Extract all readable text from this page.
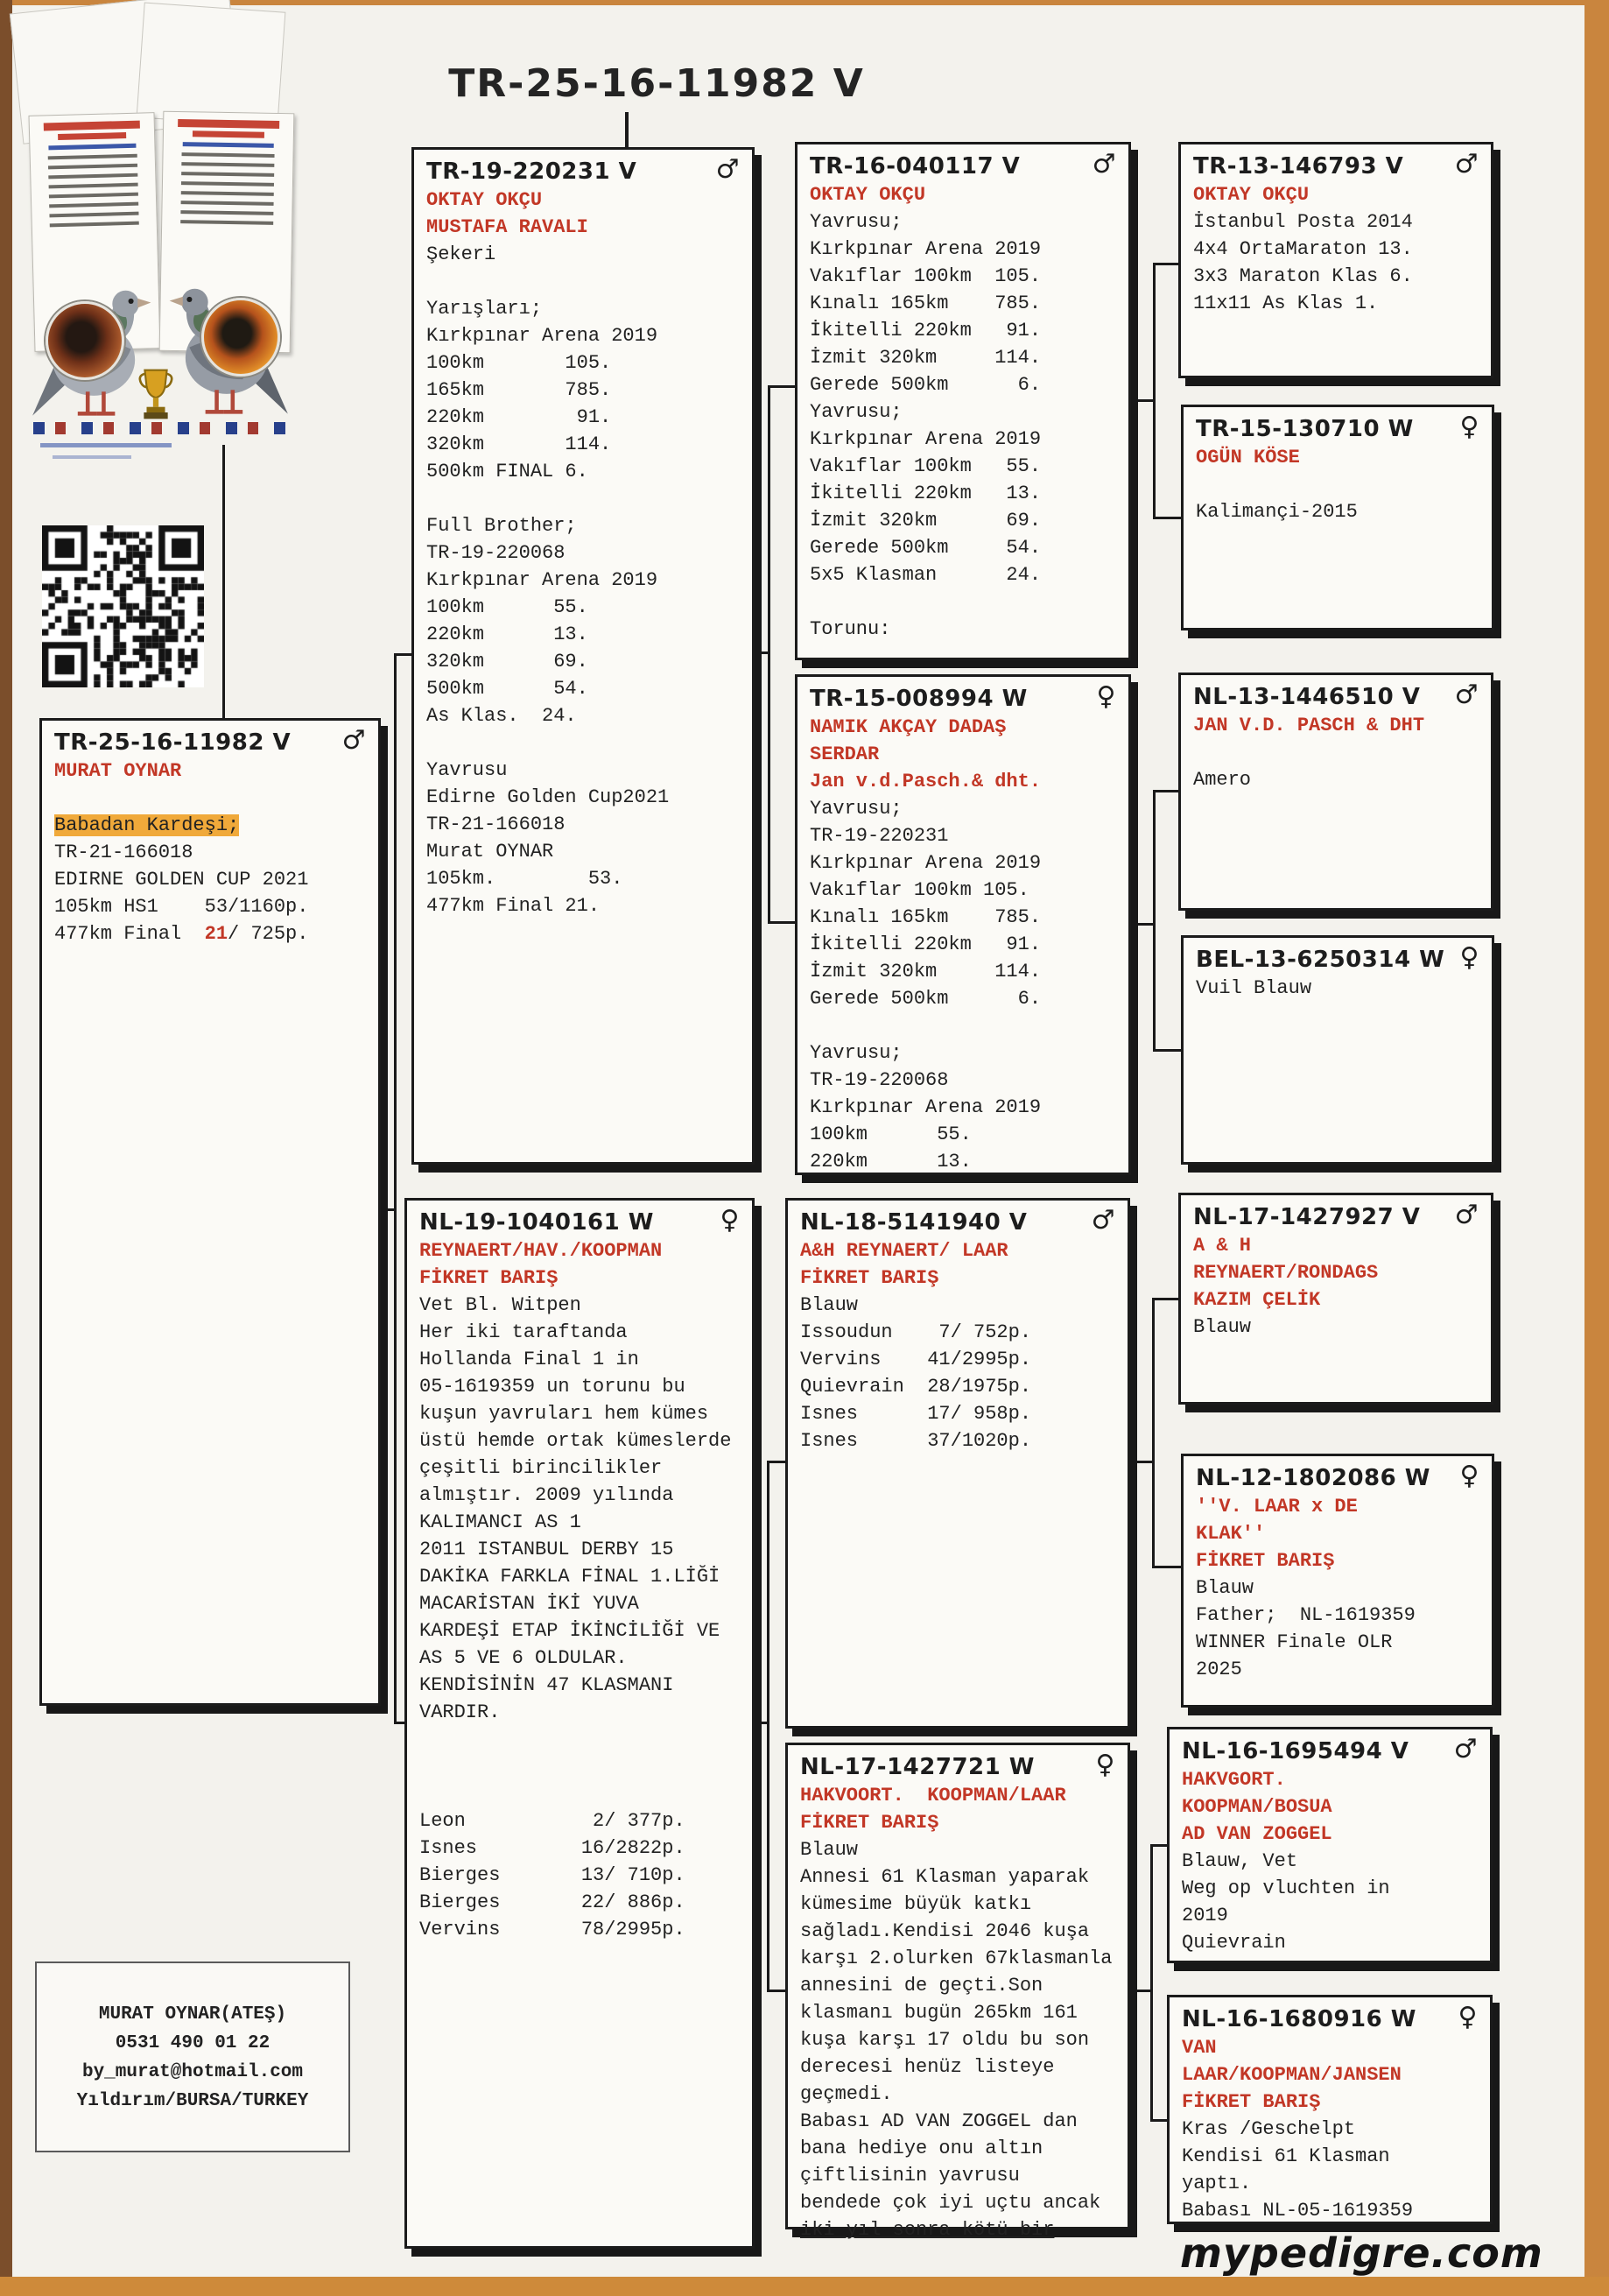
TR-25-16-11982 V
TR-25-16-11982 V ♂
MURAT OYNAR

Babadan Kardeşi;
TR-21-166018
EDIRNE GOLDEN CUP 2021
105km HS1    53/1160p.
477km Final  21/ 725p.
TR-19-220231 V	♂
OKTAY OKÇU
MUSTAFA RAVALI
Şekeri

Yarışları;
Kırkpınar Arena 2019
100km       105.
165km       785.
220km        91.
320km       114.
500km FINAL 6.

Full Brother;
TR-19-220068
Kırkpınar Arena 2019
100km      55.
220km      13.
320km      69.
500km      54.
As Klas.  24.

Yavrusu
Edirne Golden Cup2021
TR-21-166018
Murat OYNAR
105km.        53.
477km Final 21.
NL-19-1040161 W	♀
REYNAERT/HAV./KOOPMAN
FİKRET BARIŞ
Vet Bl. Witpen
Her iki taraftanda
Hollanda Final 1 in
05-1619359 un torunu bu
kuşun yavruları hem kümes
üstü hemde ortak kümeslerde
çeşitli birincilikler
almıştır. 2009 yılında
KALIMANCI AS 1
2011 ISTANBUL DERBY 15
DAKİKA FARKLA FİNAL 1.LİĞİ
MACARİSTAN İKİ YUVA
KARDEŞİ ETAP İKİNCİLİĞİ VE
AS 5 VE 6 OLDULAR.
KENDİSİNİN 47 KLASMANI
VARDIR.

Leon           2/ 377p.
Isnes         16/2822p.
Bierges       13/ 710p.
Bierges       22/ 886p.
Vervins       78/2995p.
TR-16-040117 V	♂
OKTAY OKÇU
Yavrusu;
Kırkpınar Arena 2019
Vakıflar 100km  105.
Kınalı 165km    785.
İkitelli 220km   91.
İzmit 320km     114.
Gerede 500km      6.
Yavrusu;
Kırkpınar Arena 2019
Vakıflar 100km   55.
İkitelli 220km   13.
İzmit 320km      69.
Gerede 500km     54.
5x5 Klasman      24.

Torunu:
TR-15-008994 W	♀
NAMIK AKÇAY DADAŞ
SERDAR
Jan v.d.Pasch.& dht.
Yavrusu;
TR-19-220231
Kırkpınar Arena 2019
Vakıflar 100km 105.
Kınalı 165km    785.
İkitelli 220km   91.
İzmit 320km     114.
Gerede 500km      6.

Yavrusu;
TR-19-220068
Kırkpınar Arena 2019
100km      55.
220km      13.
NL-18-5141940 V ♂
A&H REYNAERT/ LAAR
FİKRET BARIŞ
Blauw
Issoudun    7/ 752p.
Vervins    41/2995p.
Quievrain  28/1975p.
Isnes      17/ 958p.
Isnes      37/1020p.
NL-17-1427721 W ♀
HAKVOORT.  KOOPMAN/LAAR
FİKRET BARIŞ
Blauw
Annesi 61 Klasman yaparak
kümesime büyük katkı
sağladı.Kendisi 2046 kuşa
karşı 2.olurken 67klasmanla
annesini de geçti.Son
klasmanı bugün 265km 161
kuşa karşı 17 oldu bu son
derecesi henüz listeye
geçmedi.
Babası AD VAN ZOGGEL dan
bana hediye onu altın
çiftlisinin yavrusu
bendede çok iyi uçtu ancak
iki yıl sonra kötü bir
TR-13-146793 V ♂
OKTAY OKÇU
İstanbul Posta 2014
4x4 OrtaMaraton 13.
3x3 Maraton Klas 6.
11x11 As Klas 1.
TR-15-130710 W ♀
OGÜN KÖSE

Kalimançi-2015
NL-13-1446510 V ♂
JAN V.D. PASCH & DHT

Amero
BEL-13-6250314 W ♀
Vuil Blauw
NL-17-1427927 V ♂
A & H
REYNAERT/RONDAGS
KAZIM ÇELİK
Blauw
NL-12-1802086 W ♀
''V. LAAR x DE
KLAK''
FİKRET BARIŞ
Blauw
Father;  NL-1619359
WINNER Finale OLR
2025
NL-16-1695494 V ♂
HAKVGORT.
KOOPMAN/BOSUA
AD VAN ZOGGEL
Blauw, Vet
Weg op vluchten in
2019
Quievrain
NL-16-1680916 W ♀
VAN
LAAR/KOOPMAN/JANSEN
FİKRET BARIŞ
Kras /Geschelpt
Kendisi 61 Klasman
yaptı.
Babası NL-05-1619359
MURAT OYNAR(ATEŞ)
0531 490 01 22
by_murat@hotmail.com
Yıldırım/BURSA/TURKEY
mypedigre.com
